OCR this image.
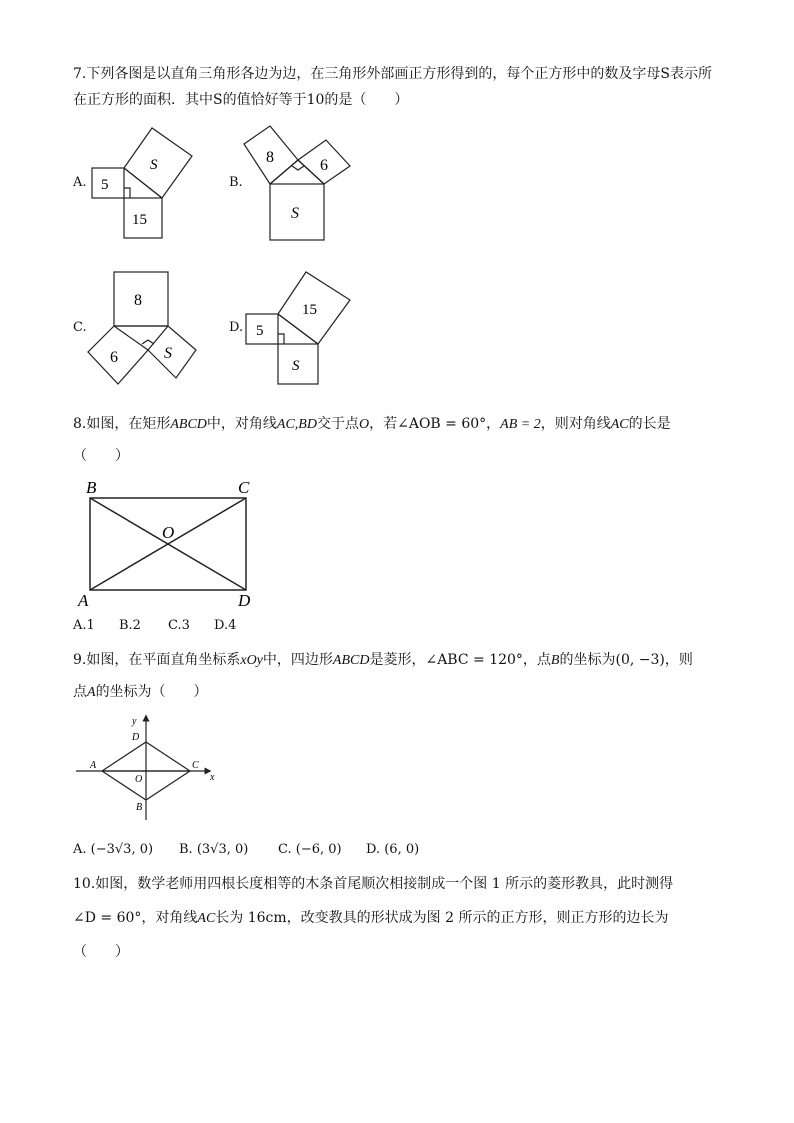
7.下列各图是以直角三角形各边为边，在三角形外部画正方形得到的，每个正方形中的数及字母S表示所
在正方形的面积．其中S的值恰好等于10的是（　　）
A. 5
S
15
B.
8	6
S
C.
8
6	S
D. 5
15
S
8.如图，在矩形ABCD中，对角线AC,BD交于点O，若∠AOB = 60°，AB = 2，则对角线AC的长是
（　　）
B	C
O
A	D
A.1 B.2 C.3 D.4
9.如图，在平面直角坐标系xOy中，四边形ABCD是菱形，∠ABC = 120°，点B的坐标为(0, −3)，则
点A的坐标为（　　）
y
x
D
A
O
C
B
A. (−3√3, 0) B. (3√3, 0) C. (−6, 0) D. (6, 0)
10.如图，数学老师用四根长度相等的木条首尾顺次相接制成一个图 1 所示的菱形教具，此时测得
∠D = 60°，对角线AC长为 16cm，改变教具的形状成为图 2 所示的正方形，则正方形的边长为
（　　）
